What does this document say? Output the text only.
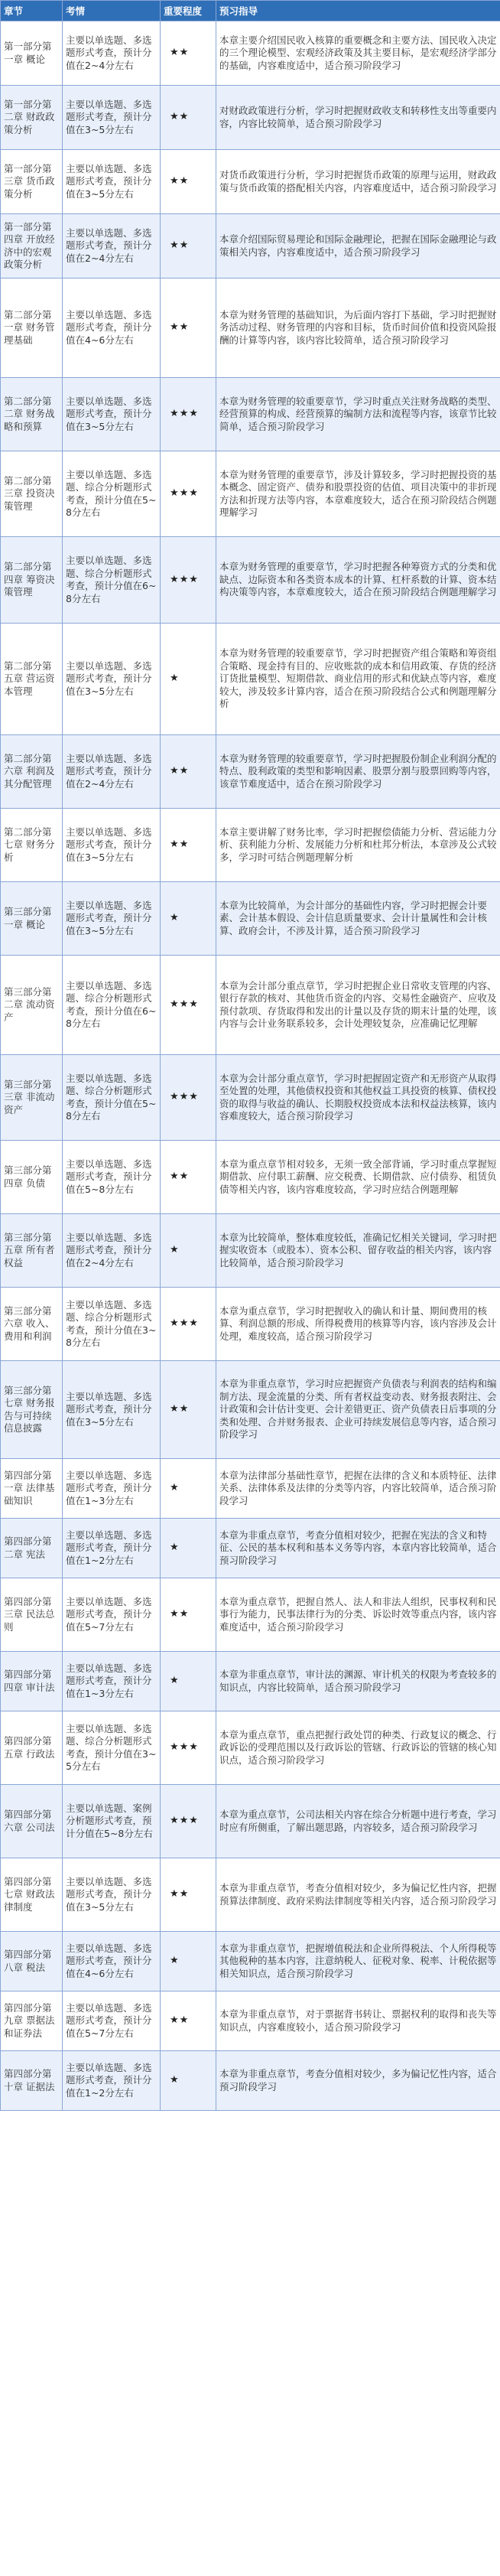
章节	考情	重要程度	预习指导
第一部分第一章 概论	主要以单选题、多选题形式考查，预计分值在2~4分左右	★★	本章主要介绍国民收入核算的重要概念和主要方法、国民收入决定的三个理论模型、宏观经济政策及其主要目标，是宏观经济学部分的基础，内容难度适中，适合预习阶段学习
第一部分第二章 财政政策分析	主要以单选题、多选题形式考查，预计分值在3~5分左右	★★	对财政政策进行分析，学习时把握财政收支和转移性支出等重要内容，内容比较简单，适合预习阶段学习
第一部分第三章 货币政策分析	主要以单选题、多选题形式考查，预计分值在3~5分左右	★★	对货币政策进行分析，学习时把握货币政策的原理与运用，财政政策与货币政策的搭配相关内容，内容难度适中，适合预习阶段学习
第一部分第四章 开放经济中的宏观政策分析	主要以单选题、多选题形式考查，预计分值在2~4分左右	★★	本章介绍国际贸易理论和国际金融理论，把握在国际金融理论与政策相关内容，内容难度适中，适合预习阶段学习
第二部分第一章 财务管理基础	主要以单选题、多选题形式考查，预计分值在4~6分左右	★★	本章为财务管理的基础知识，为后面内容打下基础，学习时把握财务活动过程、财务管理的内容和目标，货币时间价值和投资风险报酬的计算等内容，该内容比较简单，适合预习阶段学习
第二部分第二章 财务战略和预算	主要以单选题、多选题形式考查，预计分值在3~5分左右	★★★	本章为财务管理的较重要章节，学习时重点关注财务战略的类型、经营预算的构成、经营预算的编制方法和流程等内容，该章节比较简单，适合预习阶段学习
第二部分第三章 投资决策管理	主要以单选题、多选题、综合分析题形式考查，预计分值在5~8分左右	★★★	本章为财务管理的重要章节，涉及计算较多，学习时把握投资的基本概念、固定资产、债券和股票投资的估值、项目决策中的非折现方法和折现方法等内容，本章难度较大，适合在预习阶段结合例题理解学习
第二部分第四章 筹资决策管理	主要以单选题、多选题、综合分析题形式考查，预计分值在6~8分左右	★★★	本章为财务管理的重要章节，学习时把握各种筹资方式的分类和优缺点、边际资本和各类资本成本的计算、杠杆系数的计算、资本结构决策等内容，本章难度较大，适合在预习阶段结合例题理解学习
第二部分第五章 营运资本管理	主要以单选题、多选题形式考查，预计分值在3~5分左右	★	本章为财务管理的较重要章节，学习时把握资产组合策略和筹资组合策略、现金持有目的、应收账款的成本和信用政策、存货的经济订货批量模型、短期借款、商业信用的形式和优缺点等内容，难度较大，涉及较多计算内容，适合在预习阶段结合公式和例题理解分析
第二部分第六章 利润及其分配管理	主要以单选题、多选题形式考查，预计分值在2~4分左右	★★	本章为财务管理的较重要章节，学习时把握股份制企业利润分配的特点、股利政策的类型和影响因素、股票分割与股票回购等内容，该章节难度适中，适合在预习阶段学习
第二部分第七章 财务分析	主要以单选题、多选题形式考查，预计分值在3~5分左右	★★	本章主要讲解了财务比率，学习时把握偿债能力分析、营运能力分析、获利能力分析、发展能力分析和杜邦分析法，本章涉及公式较多，学习时可结合例题理解分析
第三部分第一章 概论	主要以单选题、多选题形式考查，预计分值在3~5分左右	★	本章为比较简单，为会计部分的基础性内容，学习时把握会计要素、会计基本假设、会计信息质量要求、会计计量属性和会计核算、政府会计，不涉及计算，适合预习阶段学习
第三部分第二章 流动资产	主要以单选题、多选题、综合分析题形式考查，预计分值在6~8分左右	★★★	本章为会计部分重点章节，学习时把握企业日常收支管理的内容、银行存款的核对、其他货币资金的内容、交易性金融资产、应收及预付款项、存货取得和发出的计量以及存货的期末计量的处理，该内容与会计业务联系较多，会计处理较复杂，应准确记忆理解
第三部分第三章 非流动资产	主要以单选题、多选题、综合分析题形式考查，预计分值在5~8分左右	★★★	本章为会计部分重点章节，学习时把握固定资产和无形资产从取得至处置的处理，其他债权投资和其他权益工具投资的核算、债权投资的取得与收益的确认、长期股权投资成本法和权益法核算，该内容难度较大，适合预习阶段学习
第三部分第四章 负债	主要以单选题、多选题形式考查，预计分值在5~8分左右	★★	本章为重点章节相对较多，无须一致全部背诵，学习时重点掌握短期借款、应付职工薪酬、应交税费、长期借款、应付债券、租赁负债等相关内容，该内容难度较高，学习时应结合例题理解
第三部分第五章 所有者权益	主要以单选题、多选题形式考查，预计分值在2~4分左右	★	本章为比较简单，整体难度较低，准确记忆相关关键词，学习时把握实收资本（或股本）、资本公积、留存收益的相关内容，该内容比较简单，适合预习阶段学习
第三部分第六章 收入、费用和利润	主要以单选题、多选题、综合分析题形式考查，预计分值在3~8分左右	★★★	本章为重点章节，学习时把握收入的确认和计量、期间费用的核算、利润总额的形成、所得税费用的核算等内容，该内容涉及会计处理，难度较高，适合预习阶段学习
第三部分第七章 财务报告与可持续信息披露	主要以单选题、多选题形式考查，预计分值在3~5分左右	★★	本章为非重点章节，学习时应把握资产负债表与利润表的结构和编制方法、现金流量的分类、所有者权益变动表、财务报表附注、会计政策和会计估计变更、会计差错更正、资产负债表日后事项的分类和处理、合并财务报表、企业可持续发展信息等内容，适合预习阶段学习
第四部分第一章 法律基础知识	主要以单选题、多选题形式考查，预计分值在1~3分左右	★	本章为法律部分基础性章节，把握在法律的含义和本质特征、法律关系、法律体系及法律的分类等内容，内容比较简单，适合预习阶段学习
第四部分第二章 宪法	主要以单选题、多选题形式考查，预计分值在1~2分左右	★	本章为非重点章节，考查分值相对较少，把握在宪法的含义和特征、公民的基本权利和基本义务等内容，本章内容比较简单，适合预习阶段学习
第四部分第三章 民法总则	主要以单选题、多选题形式考查，预计分值在5~7分左右	★★	本章为重点章节，把握自然人、法人和非法人组织，民事权利和民事行为能力，民事法律行为的分类、诉讼时效等重点内容，该内容难度适中，适合预习阶段学习
第四部分第四章 审计法	主要以单选题、多选题形式考查，预计分值在1~3分左右	★	本章为非重点章节，审计法的渊源、审计机关的权限为考查较多的知识点，内容比较简单，适合预习阶段学习
第四部分第五章 行政法	主要以单选题、多选题、综合分析题形式考查，预计分值在3~5分左右	★★★	本章为重点章节，重点把握行政处罚的种类、行政复议的概念、行政诉讼的受理范围以及行政诉讼的管辖、行政诉讼的管辖的核心知识点，适合预习阶段学习
第四部分第六章 公司法	主要以单选题、案例分析题形式考查，预计分值在5~8分左右	★★★	本章为重点章节，公司法相关内容在综合分析题中进行考查，学习时应有所侧重，了解出题思路，内容较多，适合预习阶段学习
第四部分第七章 财政法律制度	主要以单选题、多选题形式考查，预计分值在3~5分左右	★★	本章为非重点章节，考查分值相对较少，多为偏记忆性内容，把握预算法律制度、政府采购法律制度等相关内容，适合预习阶段学习
第四部分第八章 税法	主要以单选题、多选题形式考查，预计分值在4~6分左右	★	本章为非重点章节，把握增值税法和企业所得税法、个人所得税等其他税种的基本内容，注意纳税人、征税对象、税率、计税依据等相关知识点，适合预习阶段学习
第四部分第九章 票据法和证券法	主要以单选题、多选题形式考查，预计分值在5~7分左右	★★	本章为非重点章节，对于票据背书转让、票据权利的取得和丧失等知识点，内容难度较小，适合预习阶段学习
第四部分第十章 证据法	主要以单选题、多选题形式考查，预计分值在1~2分左右	★	本章为非重点章节，考查分值相对较少，多为偏记忆性内容，适合预习阶段学习
